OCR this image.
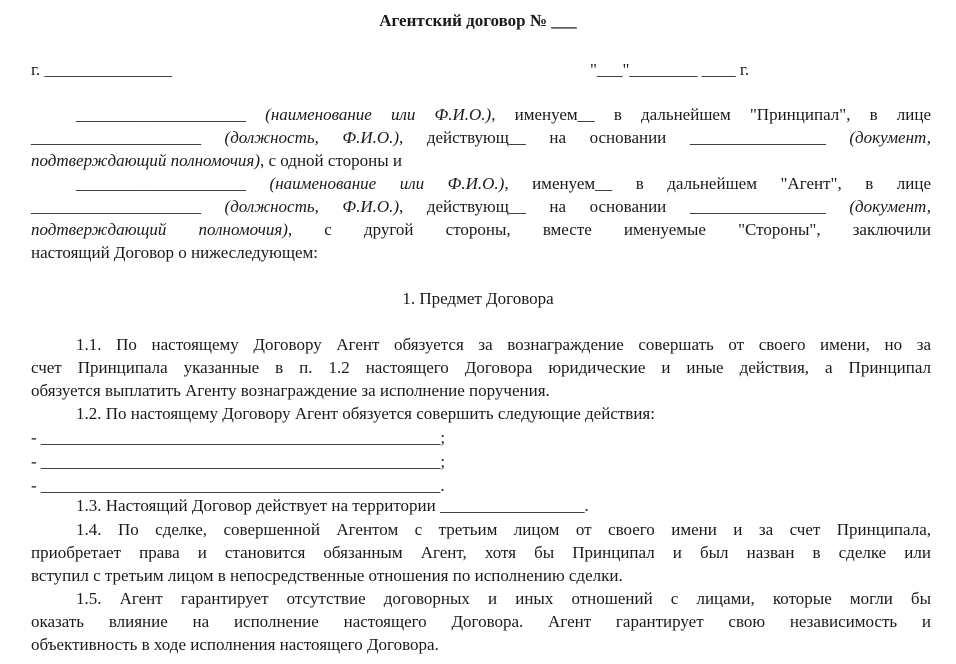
Агентский договор № ___
г. _______________	"___"________ ____ г.
____________________ (наименование или Ф.И.О.), именуем__ в дальнейшем "Принципал", в лице
____________________ (должность, Ф.И.О.), действующ__ на основании ________________ (документ,
подтверждающий полномочия), с одной стороны и
____________________ (наименование или Ф.И.О.), именуем__ в дальнейшем "Агент", в лице
____________________ (должность, Ф.И.О.), действующ__ на основании ________________ (документ,
подтверждающий полномочия), с другой стороны, вместе именуемые "Стороны", заключили
настоящий Договор о нижеследующем:
1. Предмет Договора
1.1. По настоящему Договору Агент обязуется за вознаграждение совершать от своего имени, но за
счет Принципала указанные в п. 1.2 настоящего Договора юридические и иные действия, а Принципал
обязуется выплатить Агенту вознаграждение за исполнение поручения.
1.2. По настоящему Договору Агент обязуется совершить следующие действия:
- _______________________________________________;
- _______________________________________________;
- _______________________________________________.
1.3. Настоящий Договор действует на территории _________________.
1.4. По сделке, совершенной Агентом с третьим лицом от своего имени и за счет Принципала,
приобретает права и становится обязанным Агент, хотя бы Принципал и был назван в сделке или
вступил с третьим лицом в непосредственные отношения по исполнению сделки.
1.5. Агент гарантирует отсутствие договорных и иных отношений с лицами, которые могли бы
оказать влияние на исполнение настоящего Договора. Агент гарантирует свою независимость и
объективность в ходе исполнения настоящего Договора.
